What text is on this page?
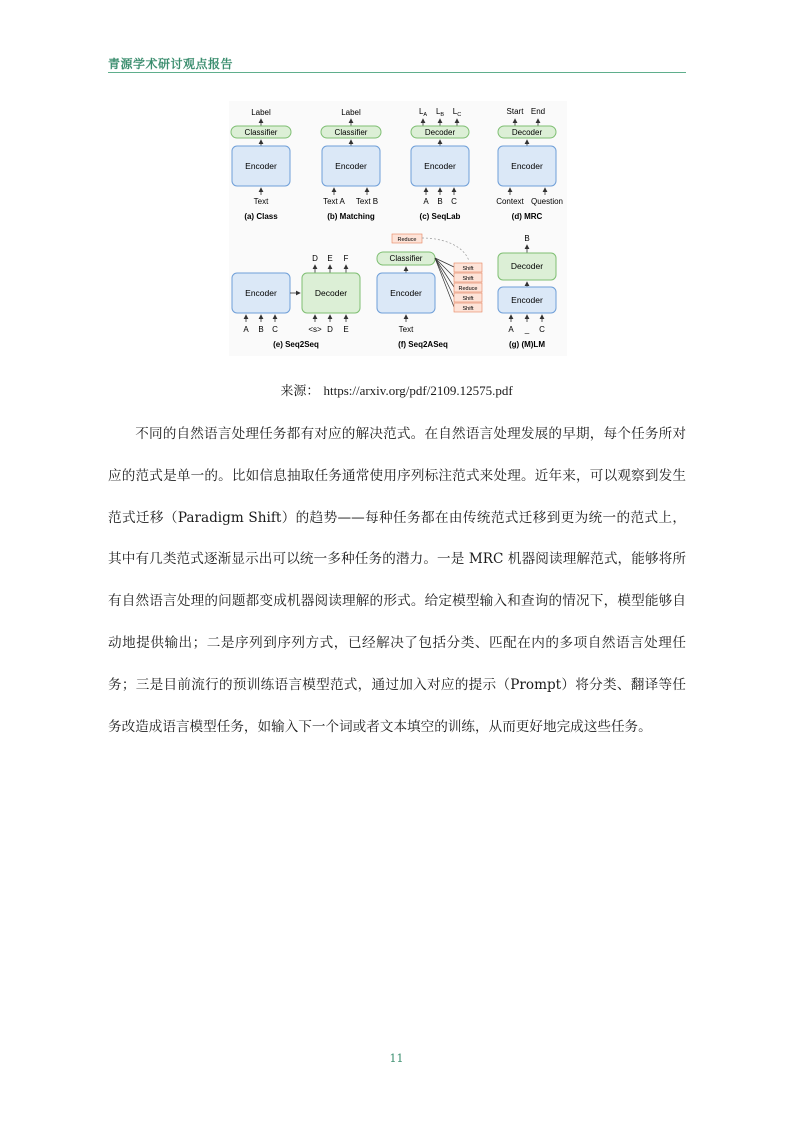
青源学术研讨观点报告
Label
Classifier
Encoder
Text
(a) Class
Label
Classifier
Encoder
Text A Text B
(b) Matching
$L_A$ $L_B$ $L_C$
Decoder
Encoder
A B C
(c) SeqLab
Start End
Decoder
Encoder
Context Question
(d) MRC
D E F
Encoder	Decoder
A B C	<s> D E
(e) Seq2Seq
Reduce
Classifier
Encoder
Text
Shift
Shift
Reduce
Shift
Shift
(f) Seq2ASeq
B
Decoder
Encoder
A _ C
(g) (M)LM
来源： https://arxiv.org/pdf/2109.12575.pdf

不同的自然语言处理任务都有对应的解决范式。在自然语言处理发展的早期，每个任务所对应的范式是单一的。比如信息抽取任务通常使用序列标注范式来处理。近年来，可以观察到发生范式迁移（Paradigm Shift）的趋势——每种任务都在由传统范式迁移到更为统一的范式上，其中有几类范式逐渐显示出可以统一多种任务的潜力。一是 MRC 机器阅读理解范式，能够将所有自然语言处理的问题都变成机器阅读理解的形式。给定模型输入和查询的情况下，模型能够自动地提供输出；二是序列到序列方式，已经解决了包括分类、匹配在内的多项自然语言处理任务；三是目前流行的预训练语言模型范式，通过加入对应的提示（Prompt）将分类、翻译等任务改造成语言模型任务，如输入下一个词或者文本填空的训练，从而更好地完成这些任务。

11
